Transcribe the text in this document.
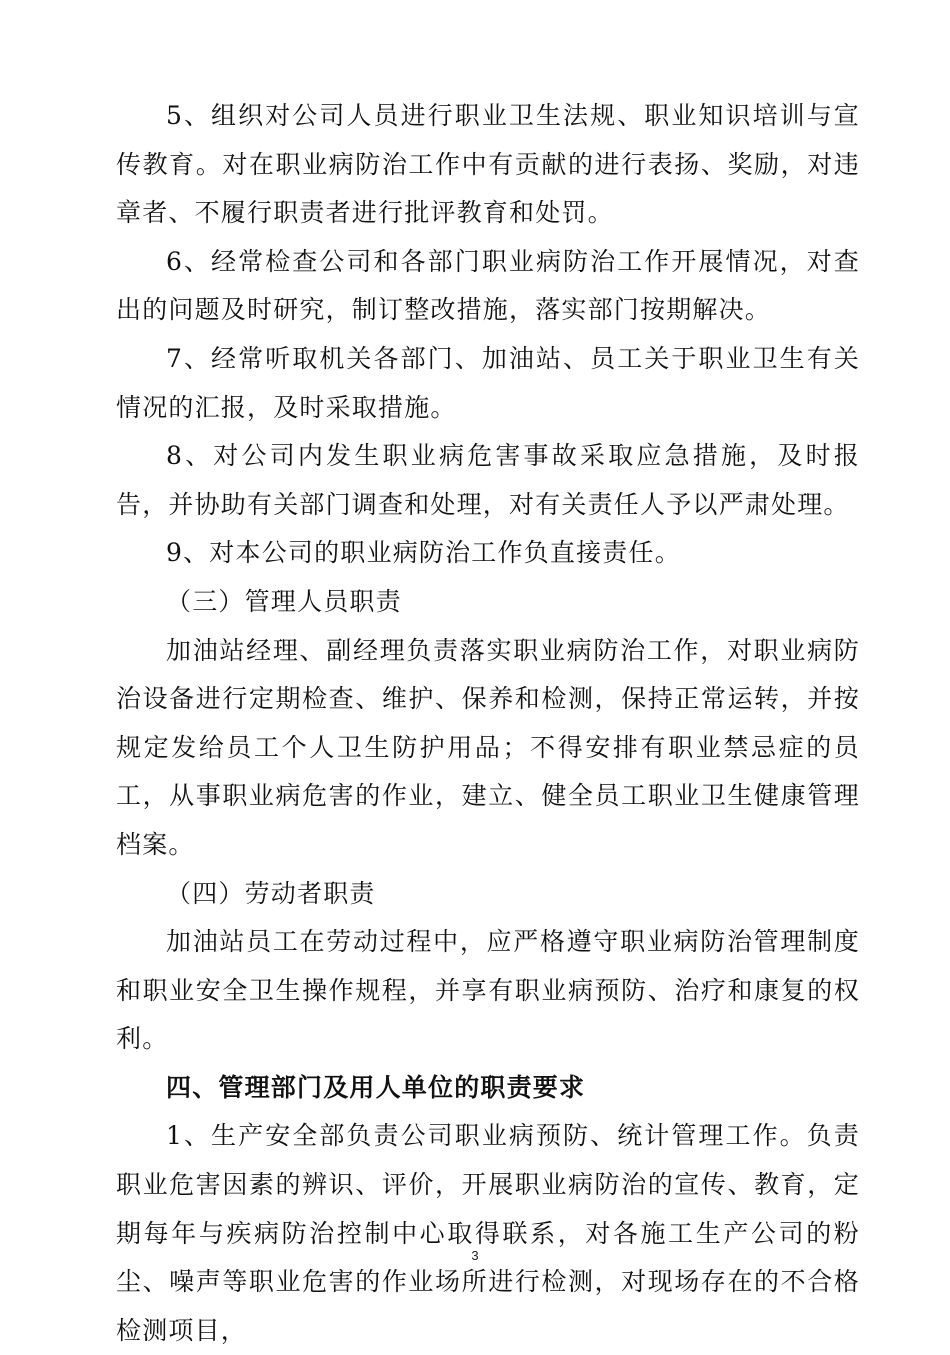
5、组织对公司人员进行职业卫生法规、职业知识培训与宣传教育。对在职业病防治工作中有贡献的进行表扬、奖励，对违章者、不履行职责者进行批评教育和处罚。

6、经常检查公司和各部门职业病防治工作开展情况，对查出的问题及时研究，制订整改措施，落实部门按期解决。

7、经常听取机关各部门、加油站、员工关于职业卫生有关情况的汇报，及时采取措施。

8、对公司内发生职业病危害事故采取应急措施，及时报告，并协助有关部门调查和处理，对有关责任人予以严肃处理。

9、对本公司的职业病防治工作负直接责任。

（三）管理人员职责

加油站经理、副经理负责落实职业病防治工作，对职业病防治设备进行定期检查、维护、保养和检测，保持正常运转，并按规定发给员工个人卫生防护用品；不得安排有职业禁忌症的员工，从事职业病危害的作业，建立、健全员工职业卫生健康管理档案。

（四）劳动者职责

加油站员工在劳动过程中，应严格遵守职业病防治管理制度和职业安全卫生操作规程，并享有职业病预防、治疗和康复的权利。

四、管理部门及用人单位的职责要求

1、生产安全部负责公司职业病预防、统计管理工作。负责职业危害因素的辨识、评价，开展职业病防治的宣传、教育，定期每年与疾病防治控制中心取得联系，对各施工生产公司的粉尘、噪声等职业危害的作业场所进行检测，对现场存在的不合格检测项目，

3
